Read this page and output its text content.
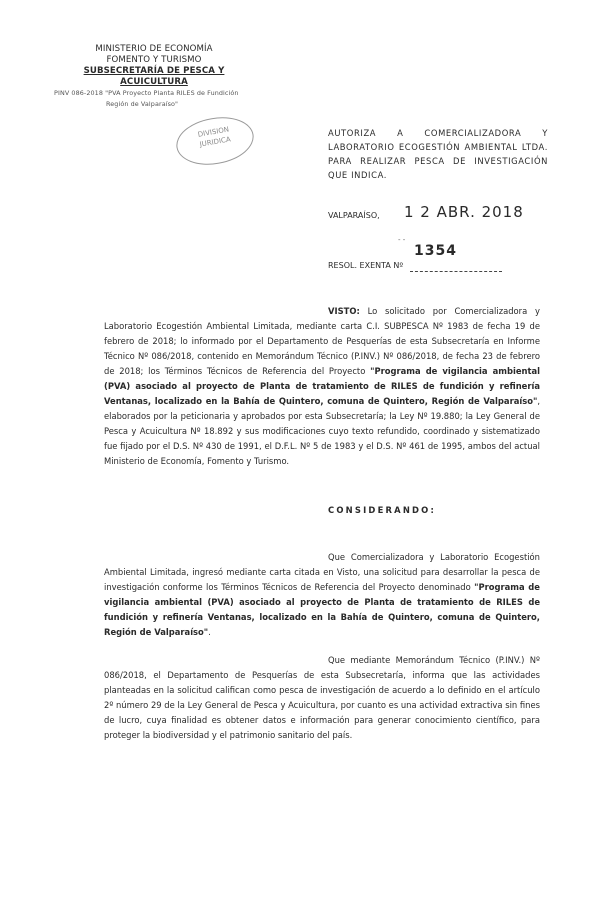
MINISTERIO DE ECONOMÍA
FOMENTO Y TURISMO
SUBSECRETARÍA DE PESCA Y ACUICULTURA
PINV 086-2018 "PVA Proyecto Planta RILES de Fundición
Región de Valparaíso"
DIVISION
JURIDICA
AUTORIZA A COMERCIALIZADORA Y LABORATORIO ECOGESTIÓN AMBIENTAL LTDA. PARA REALIZAR PESCA DE INVESTIGACIÓN QUE INDICA.
VALPARAÍSO, 1 2 ABR. 2018
- -
1354
RESOL. EXENTA Nº
VISTO: Lo solicitado por Comercializadora y Laboratorio Ecogestión Ambiental Limitada, mediante carta C.I. SUBPESCA Nº 1983 de fecha 19 de febrero de 2018; lo informado por el Departamento de Pesquerías de esta Subsecretaría en Informe Técnico Nº 086/2018, contenido en Memorándum Técnico (P.INV.) Nº 086/2018, de fecha 23 de febrero de 2018; los Términos Técnicos de Referencia del Proyecto "Programa de vigilancia ambiental (PVA) asociado al proyecto de Planta de tratamiento de RILES de fundición y refinería Ventanas, localizado en la Bahía de Quintero, comuna de Quintero, Región de Valparaíso", elaborados por la peticionaria y aprobados por esta Subsecretaría; la Ley Nº 19.880; la Ley General de Pesca y Acuicultura Nº 18.892 y sus modificaciones cuyo texto refundido, coordinado y sistematizado fue fijado por el D.S. Nº 430 de 1991, el D.F.L. Nº 5 de 1983 y el D.S. Nº 461 de 1995, ambos del actual Ministerio de Economía, Fomento y Turismo.
CONSIDERANDO:
Que Comercializadora y Laboratorio Ecogestión Ambiental Limitada, ingresó mediante carta citada en Visto, una solicitud para desarrollar la pesca de investigación conforme los Términos Técnicos de Referencia del Proyecto denominado "Programa de vigilancia ambiental (PVA) asociado al proyecto de Planta de tratamiento de RILES de fundición y refinería Ventanas, localizado en la Bahía de Quintero, comuna de Quintero, Región de Valparaíso".
Que mediante Memorándum Técnico (P.INV.) Nº 086/2018, el Departamento de Pesquerías de esta Subsecretaría, informa que las actividades planteadas en la solicitud califican como pesca de investigación de acuerdo a lo definido en el artículo 2º número 29 de la Ley General de Pesca y Acuicultura, por cuanto es una actividad extractiva sin fines de lucro, cuya finalidad es obtener datos e información para generar conocimiento científico, para proteger la biodiversidad y el patrimonio sanitario del país.
